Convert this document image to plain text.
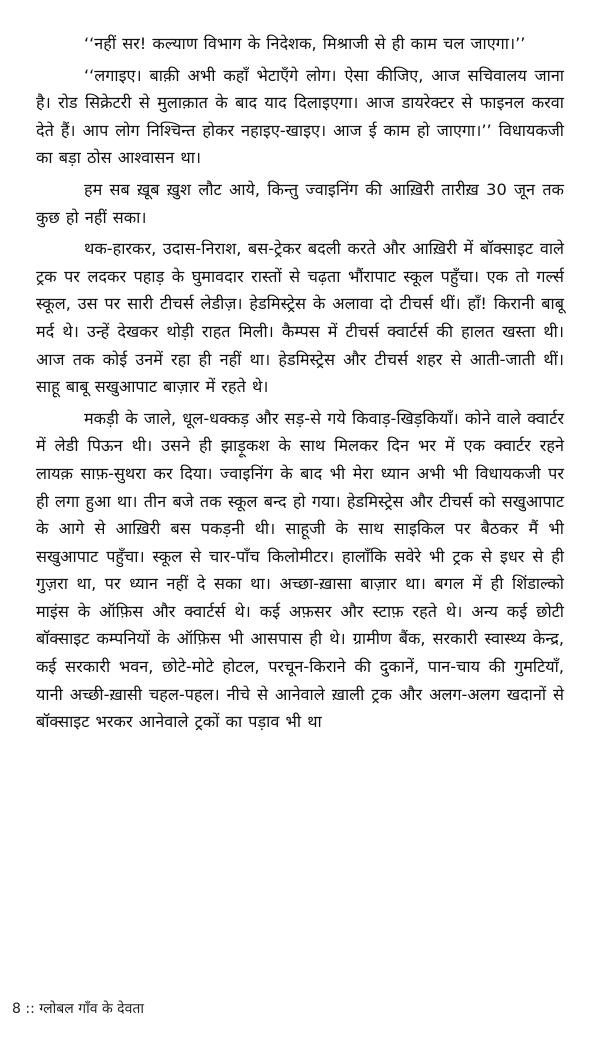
‘‘नहीं सर! कल्याण विभाग के निदेशक, मिश्राजी से ही काम चल जाएगा।’’

‘‘लगाइए। बाक़ी अभी कहाँ भेटाएँगे लोग। ऐसा कीजिए, आज सचिवालय जाना है। रोड सिक्रेटरी से मुलाक़ात के बाद याद दिलाइएगा। आज डायरेक्टर से फाइनल करवा देते हैं। आप लोग निश्चिन्त होकर नहाइए-खाइए। आज ई काम हो जाएगा।’’ विधायकजी का बड़ा ठोस आश्वासन था।

हम सब ख़ूब ख़ुश लौट आये, किन्तु ज्वाइनिंग की आख़िरी तारीख़ 30 जून तक कुछ हो नहीं सका।

थक-हारकर, उदास-निराश, बस-ट्रेकर बदली करते और आख़िरी में बॉक्साइट वाले ट्रक पर लदकर पहाड़ के घुमावदार रास्तों से चढ़ता भौंरापाट स्कूल पहुँचा। एक तो गर्ल्स स्कूल, उस पर सारी टीचर्स लेडीज़। हेडमिस्ट्रेस के अलावा दो टीचर्स थीं। हाँ! किरानी बाबू मर्द थे। उन्हें देखकर थोड़ी राहत मिली। कैम्पस में टीचर्स क्वार्टर्स की हालत खस्ता थी। आज तक कोई उनमें रहा ही नहीं था। हेडमिस्ट्रेस और टीचर्स शहर से आती-जाती थीं। साहू बाबू सखुआपाट बाज़ार में रहते थे।

मकड़ी के जाले, धूल-धक्कड़ और सड़-से गये किवाड़-खिड़कियाँ। कोने वाले क्वार्टर में लेडी पिऊन थी। उसने ही झाड़ूकश के साथ मिलकर दिन भर में एक क्वार्टर रहने लायक़ साफ़-सुथरा कर दिया। ज्वाइनिंग के बाद भी मेरा ध्यान अभी भी विधायकजी पर ही लगा हुआ था। तीन बजे तक स्कूल बन्द हो गया। हेडमिस्ट्रेस और टीचर्स को सखुआपाट के आगे से आख़िरी बस पकड़नी थी। साहूजी के साथ साइकिल पर बैठकर मैं भी सखुआपाट पहुँचा। स्कूल से चार-पाँच किलोमीटर। हालाँकि सवेरे भी ट्रक से इधर से ही गुज़रा था, पर ध्यान नहीं दे सका था। अच्छा-ख़ासा बाज़ार था। बगल में ही शिंडाल्को माइंस के ऑफ़िस और क्वार्टर्स थे। कई अफ़सर और स्टाफ़ रहते थे। अन्य कई छोटी बॉक्साइट कम्पनियों के ऑफ़िस भी आसपास ही थे। ग्रामीण बैंक, सरकारी स्वास्थ्य केन्द्र, कई सरकारी भवन, छोटे-मोटे होटल, परचून-किराने की दुकानें, पान-चाय की गुमटियाँ, यानी अच्छी-ख़ासी चहल-पहल। नीचे से आनेवाले ख़ाली ट्रक और अलग-अलग खदानों से बॉक्साइट भरकर आनेवाले ट्रकों का पड़ाव भी था

8 :: ग्लोबल गाँव के देवता
